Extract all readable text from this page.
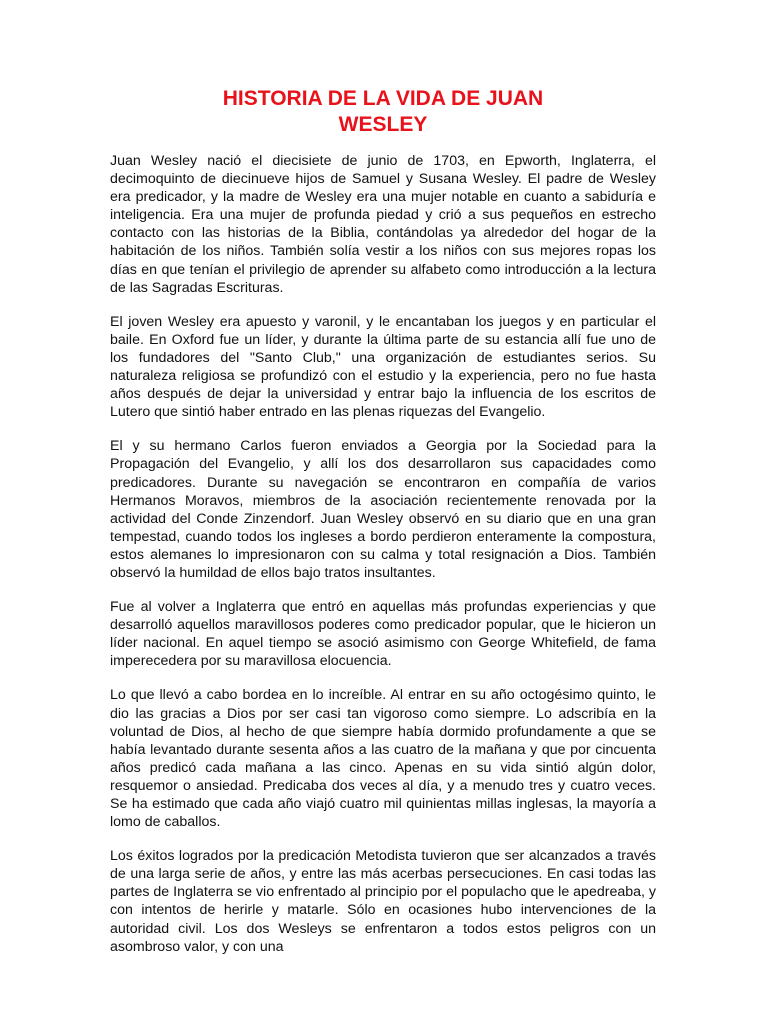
HISTORIA DE LA VIDA DE JUAN
WESLEY

Juan Wesley nació el diecisiete de junio de 1703, en Epworth, Inglaterra, el decimoquinto de diecinueve hijos de Samuel y Susana Wesley. El padre de Wesley era predicador, y la madre de Wesley era una mujer notable en cuanto a sabiduría e inteligencia. Era una mujer de profunda piedad y crió a sus pequeños en estrecho contacto con las historias de la Biblia, contándolas ya alrededor del hogar de la habitación de los niños. También solía vestir a los niños con sus mejores ropas los días en que tenían el privilegio de aprender su alfabeto como introducción a la lectura de las Sagradas Escrituras.

El joven Wesley era apuesto y varonil, y le encantaban los juegos y en particular el baile. En Oxford fue un líder, y durante la última parte de su estancia allí fue uno de los fundadores del "Santo Club," una organización de estudiantes serios. Su naturaleza religiosa se profundizó con el estudio y la experiencia, pero no fue hasta años después de dejar la universidad y entrar bajo la influencia de los escritos de Lutero que sintió haber entrado en las plenas riquezas del Evangelio.

El y su hermano Carlos fueron enviados a Georgia por la Sociedad para la Propagación del Evangelio, y allí los dos desarrollaron sus capacidades como predicadores. Durante su navegación se encontraron en compañía de varios Hermanos Moravos, miembros de la asociación recientemente renovada por la actividad del Conde Zinzendorf. Juan Wesley observó en su diario que en una gran tempestad, cuando todos los ingleses a bordo perdieron enteramente la compostura, estos alemanes lo impresionaron con su calma y total resignación a Dios. También observó la humildad de ellos bajo tratos insultantes.

Fue al volver a Inglaterra que entró en aquellas más profundas experiencias y que desarrolló aquellos maravillosos poderes como predicador popular, que le hicieron un líder nacional. En aquel tiempo se asoció asimismo con George Whitefield, de fama imperecedera por su maravillosa elocuencia.

Lo que llevó a cabo bordea en lo increíble. Al entrar en su año octogésimo quinto, le dio las gracias a Dios por ser casi tan vigoroso como siempre. Lo adscribía en la voluntad de Dios, al hecho de que siempre había dormido profundamente a que se había levantado durante sesenta años a las cuatro de la mañana y que por cincuenta años predicó cada mañana a las cinco. Apenas en su vida sintió algún dolor, resquemor o ansiedad. Predicaba dos veces al día, y a menudo tres y cuatro veces. Se ha estimado que cada año viajó cuatro mil quinientas millas inglesas, la mayoría a lomo de caballos.

Los éxitos logrados por la predicación Metodista tuvieron que ser alcanzados a través de una larga serie de años, y entre las más acerbas persecuciones. En casi todas las partes de Inglaterra se vio enfrentado al principio por el populacho que le apedreaba, y con intentos de herirle y matarle. Sólo en ocasiones hubo intervenciones de la autoridad civil. Los dos Wesleys se enfrentaron a todos estos peligros con un asombroso valor, y con una
